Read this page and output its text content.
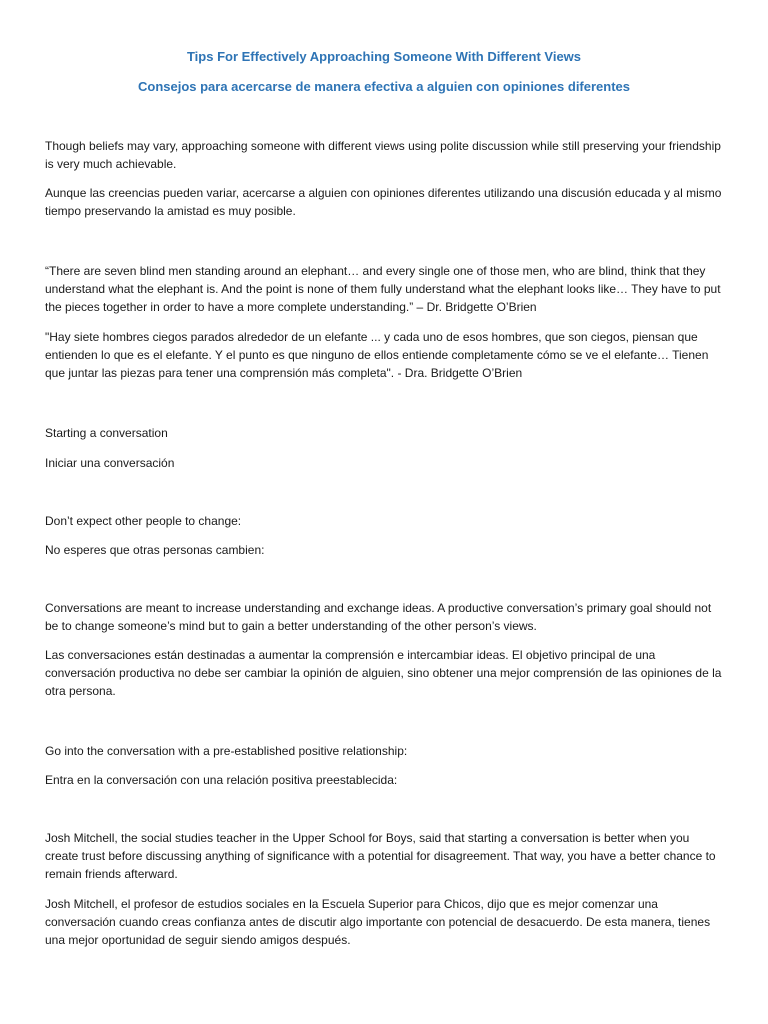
Tips For Effectively Approaching Someone With Different Views
Consejos para acercarse de manera efectiva a alguien con opiniones diferentes

Though beliefs may vary, approaching someone with different views using polite discussion while still preserving your friendship is very much achievable.

Aunque las creencias pueden variar, acercarse a alguien con opiniones diferentes utilizando una discusión educada y al mismo tiempo preservando la amistad es muy posible.

“There are seven blind men standing around an elephant… and every single one of those men, who are blind, think that they understand what the elephant is. And the point is none of them fully understand what the elephant looks like… They have to put the pieces together in order to have a more complete understanding.” – Dr. Bridgette O’Brien

"Hay siete hombres ciegos parados alrededor de un elefante ... y cada uno de esos hombres, que son ciegos, piensan que entienden lo que es el elefante. Y el punto es que ninguno de ellos entiende completamente cómo se ve el elefante… Tienen que juntar las piezas para tener una comprensión más completa". - Dra. Bridgette O’Brien

Starting a conversation

Iniciar una conversación

Don’t expect other people to change:

No esperes que otras personas cambien:

Conversations are meant to increase understanding and exchange ideas. A productive conversation’s primary goal should not be to change someone’s mind but to gain a better understanding of the other person’s views.

Las conversaciones están destinadas a aumentar la comprensión e intercambiar ideas. El objetivo principal de una conversación productiva no debe ser cambiar la opinión de alguien, sino obtener una mejor comprensión de las opiniones de la otra persona.

Go into the conversation with a pre-established positive relationship:

Entra en la conversación con una relación positiva preestablecida:

Josh Mitchell, the social studies teacher in the Upper School for Boys, said that starting a conversation is better when you create trust before discussing anything of significance with a potential for disagreement. That way, you have a better chance to remain friends afterward.

Josh Mitchell, el profesor de estudios sociales en la Escuela Superior para Chicos, dijo que es mejor comenzar una conversación cuando creas confianza antes de discutir algo importante con potencial de desacuerdo. De esta manera, tienes una mejor oportunidad de seguir siendo amigos después.
